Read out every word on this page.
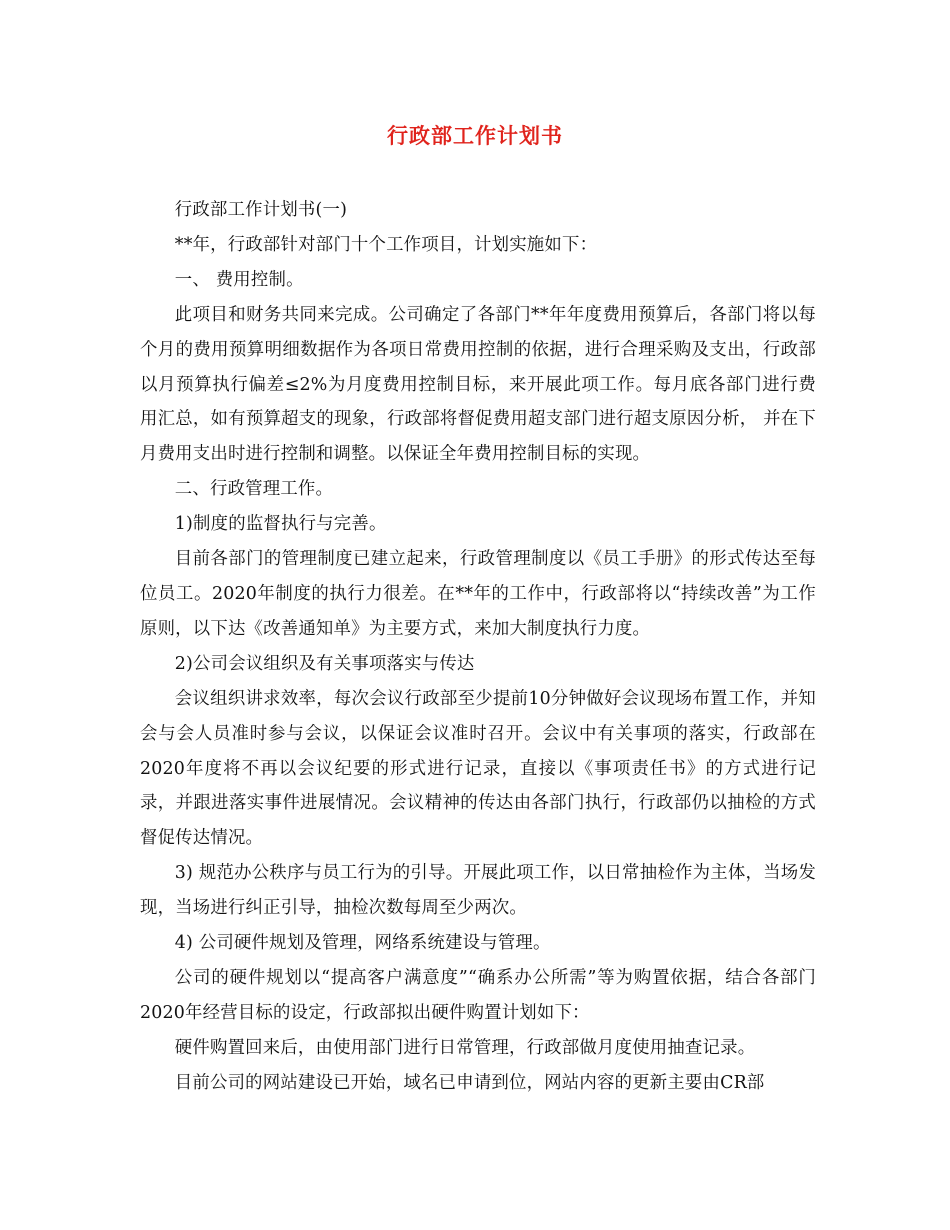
行政部工作计划书

行政部工作计划书(一)

**年，行政部针对部门十个工作项目，计划实施如下：

一、 费用控制。

此项目和财务共同来完成。公司确定了各部门**年年度费用预算后，各部门将以每个月的费用预算明细数据作为各项日常费用控制的依据，进行合理采购及支出，行政部以月预算执行偏差≤2%为月度费用控制目标，来开展此项工作。每月底各部门进行费用汇总，如有预算超支的现象，行政部将督促费用超支部门进行超支原因分析， 并在下月费用支出时进行控制和调整。以保证全年费用控制目标的实现。

二、行政管理工作。

1)制度的监督执行与完善。

目前各部门的管理制度已建立起来，行政管理制度以《员工手册》的形式传达至每位员工。2020年制度的执行力很差。在**年的工作中，行政部将以“持续改善”为工作原则，以下达《改善通知单》为主要方式，来加大制度执行力度。

2)公司会议组织及有关事项落实与传达

会议组织讲求效率，每次会议行政部至少提前10分钟做好会议现场布置工作，并知会与会人员准时参与会议，以保证会议准时召开。会议中有关事项的落实，行政部在2020年度将不再以会议纪要的形式进行记录，直接以《事项责任书》的方式进行记录，并跟进落实事件进展情况。会议精神的传达由各部门执行，行政部仍以抽检的方式督促传达情况。

3) 规范办公秩序与员工行为的引导。开展此项工作，以日常抽检作为主体，当场发现，当场进行纠正引导，抽检次数每周至少两次。

4) 公司硬件规划及管理，网络系统建设与管理。

公司的硬件规划以“提高客户满意度”“确系办公所需”等为购置依据，结合各部门2020年经营目标的设定，行政部拟出硬件购置计划如下：

硬件购置回来后，由使用部门进行日常管理，行政部做月度使用抽查记录。

目前公司的网站建设已开始，域名已申请到位，网站内容的更新主要由CR部
